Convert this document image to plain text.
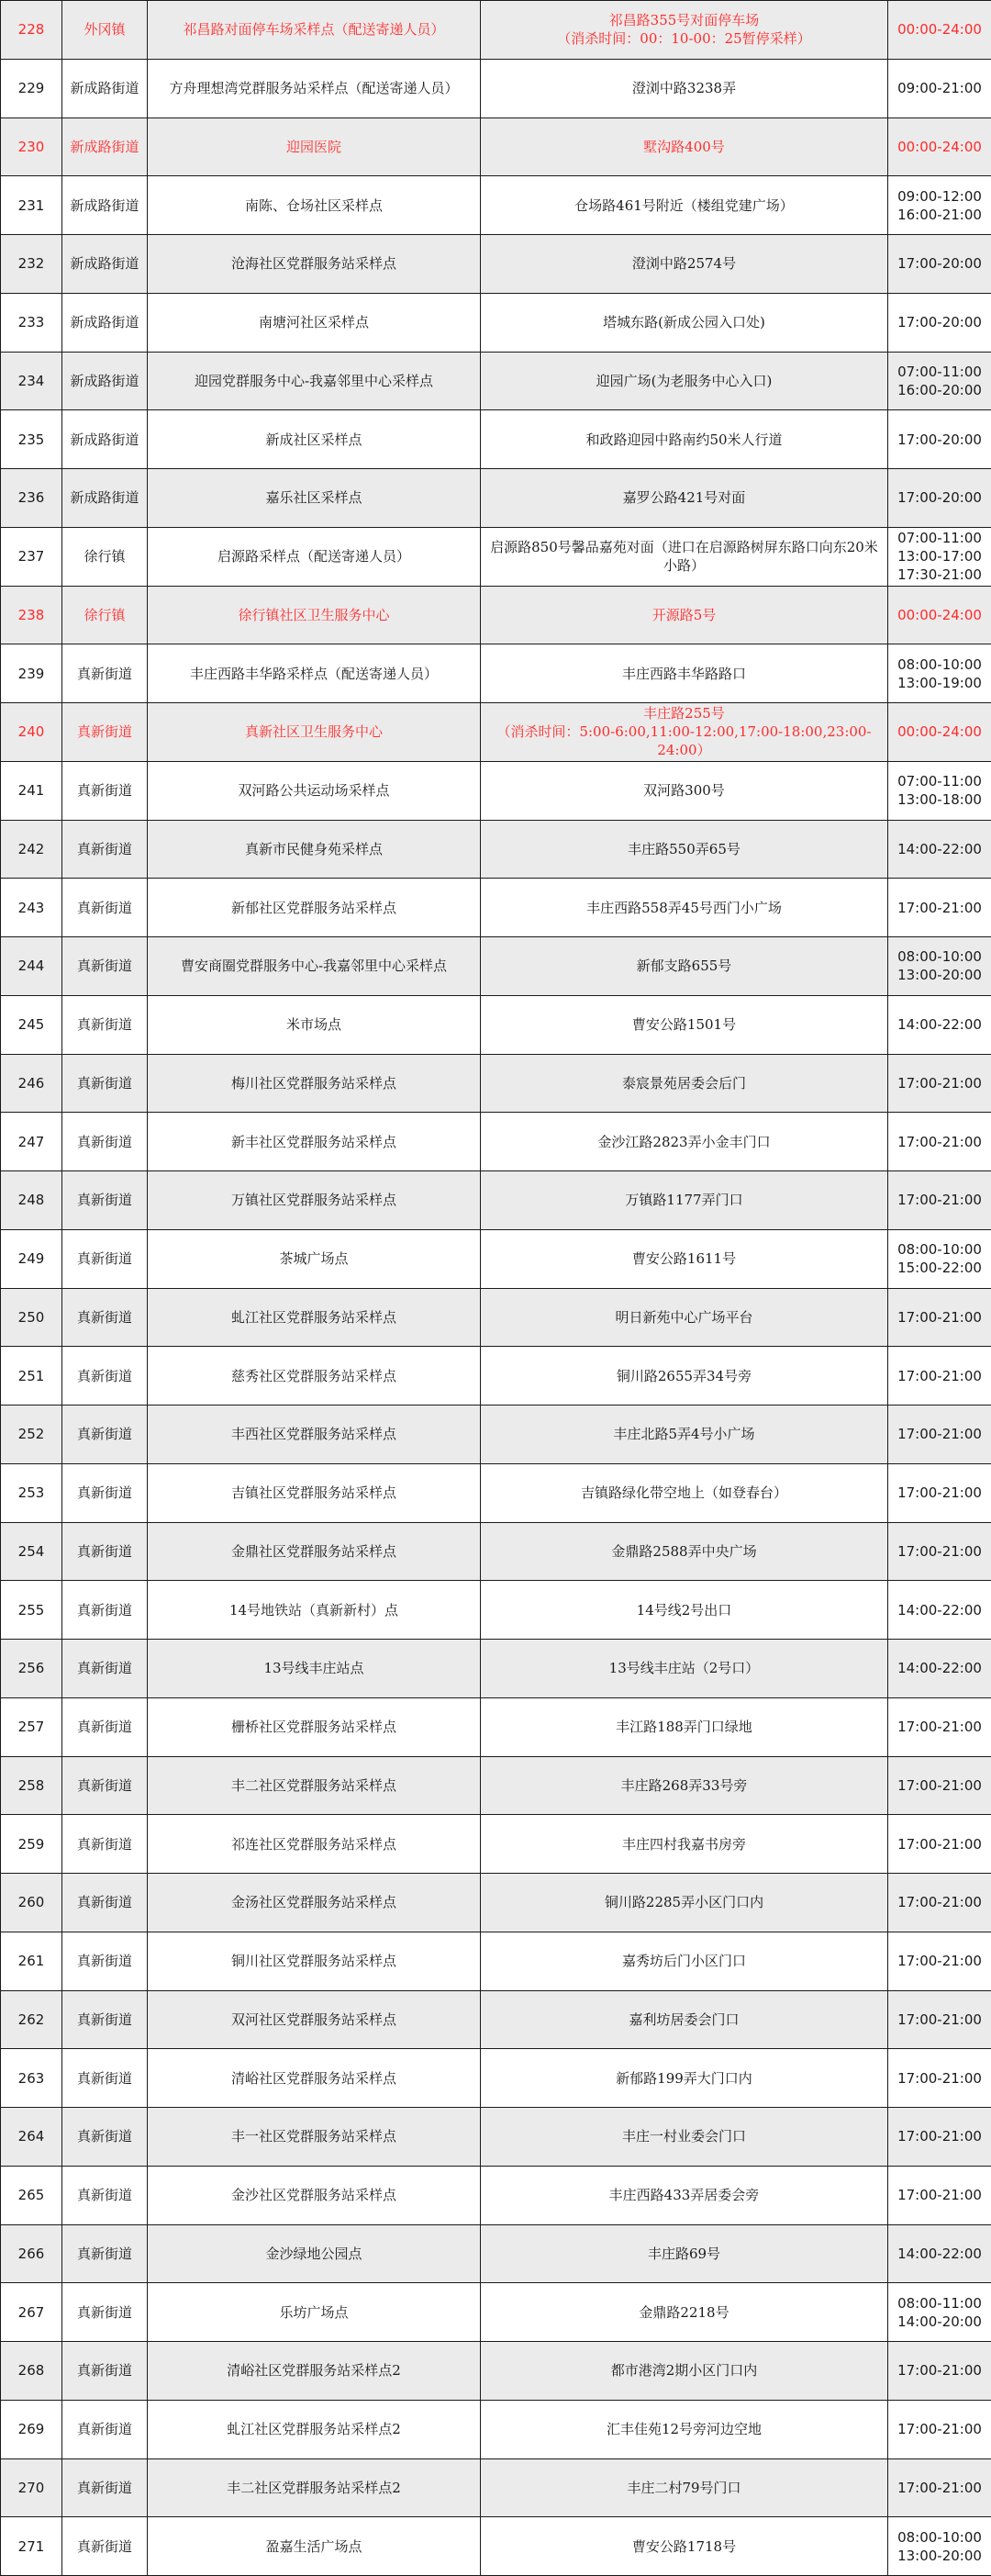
228	外冈镇	祁昌路对面停车场采样点（配送寄递人员）	祁昌路355号对面停车场
（消杀时间：00：10-00：25暂停采样）	00:00-24:00
229	新成路街道	方舟理想湾党群服务站采样点（配送寄递人员）	澄浏中路3238弄	09:00-21:00
230	新成路街道	迎园医院	墅沟路400号	00:00-24:00
231	新成路街道	南陈、仓场社区采样点	仓场路461号附近（楼组党建广场）	09:00-12:00
16:00-21:00
232	新成路街道	沧海社区党群服务站采样点	澄浏中路2574号	17:00-20:00
233	新成路街道	南塘河社区采样点	塔城东路(新成公园入口处)	17:00-20:00
234	新成路街道	迎园党群服务中心-我嘉邻里中心采样点	迎园广场(为老服务中心入口)	07:00-11:00
16:00-20:00
235	新成路街道	新成社区采样点	和政路迎园中路南约50米人行道	17:00-20:00
236	新成路街道	嘉乐社区采样点	嘉罗公路421号对面	17:00-20:00
237	徐行镇	启源路采样点（配送寄递人员）	启源路850号馨品嘉苑对面（进口在启源路树屏东路口向东20米小路）	07:00-11:00
13:00-17:00
17:30-21:00
238	徐行镇	徐行镇社区卫生服务中心	开源路5号	00:00-24:00
239	真新街道	丰庄西路丰华路采样点（配送寄递人员）	丰庄西路丰华路路口	08:00-10:00
13:00-19:00
240	真新街道	真新社区卫生服务中心	丰庄路255号
（消杀时间：5:00-6:00,11:00-12:00,17:00-18:00,23:00-24:00）	00:00-24:00
241	真新街道	双河路公共运动场采样点	双河路300号	07:00-11:00
13:00-18:00
242	真新街道	真新市民健身苑采样点	丰庄路550弄65号	14:00-22:00
243	真新街道	新郁社区党群服务站采样点	丰庄西路558弄45号西门小广场	17:00-21:00
244	真新街道	曹安商圈党群服务中心-我嘉邻里中心采样点	新郁支路655号	08:00-10:00
13:00-20:00
245	真新街道	米市场点	曹安公路1501号	14:00-22:00
246	真新街道	梅川社区党群服务站采样点	泰宸景苑居委会后门	17:00-21:00
247	真新街道	新丰社区党群服务站采样点	金沙江路2823弄小金丰门口	17:00-21:00
248	真新街道	万镇社区党群服务站采样点	万镇路1177弄门口	17:00-21:00
249	真新街道	茶城广场点	曹安公路1611号	08:00-10:00
15:00-22:00
250	真新街道	虬江社区党群服务站采样点	明日新苑中心广场平台	17:00-21:00
251	真新街道	慈秀社区党群服务站采样点	铜川路2655弄34号旁	17:00-21:00
252	真新街道	丰西社区党群服务站采样点	丰庄北路5弄4号小广场	17:00-21:00
253	真新街道	吉镇社区党群服务站采样点	吉镇路绿化带空地上（如登春台）	17:00-21:00
254	真新街道	金鼎社区党群服务站采样点	金鼎路2588弄中央广场	17:00-21:00
255	真新街道	14号地铁站（真新新村）点	14号线2号出口	14:00-22:00
256	真新街道	13号线丰庄站点	13号线丰庄站（2号口）	14:00-22:00
257	真新街道	栅桥社区党群服务站采样点	丰江路188弄门口绿地	17:00-21:00
258	真新街道	丰二社区党群服务站采样点	丰庄路268弄33号旁	17:00-21:00
259	真新街道	祁连社区党群服务站采样点	丰庄四村我嘉书房旁	17:00-21:00
260	真新街道	金汤社区党群服务站采样点	铜川路2285弄小区门口内	17:00-21:00
261	真新街道	铜川社区党群服务站采样点	嘉秀坊后门小区门口	17:00-21:00
262	真新街道	双河社区党群服务站采样点	嘉利坊居委会门口	17:00-21:00
263	真新街道	清峪社区党群服务站采样点	新郁路199弄大门口内	17:00-21:00
264	真新街道	丰一社区党群服务站采样点	丰庄一村业委会门口	17:00-21:00
265	真新街道	金沙社区党群服务站采样点	丰庄西路433弄居委会旁	17:00-21:00
266	真新街道	金沙绿地公园点	丰庄路69号	14:00-22:00
267	真新街道	乐坊广场点	金鼎路2218号	08:00-11:00
14:00-20:00
268	真新街道	清峪社区党群服务站采样点2	都市港湾2期小区门口内	17:00-21:00
269	真新街道	虬江社区党群服务站采样点2	汇丰佳苑12号旁河边空地	17:00-21:00
270	真新街道	丰二社区党群服务站采样点2	丰庄二村79号门口	17:00-21:00
271	真新街道	盈嘉生活广场点	曹安公路1718号	08:00-10:00
13:00-20:00
